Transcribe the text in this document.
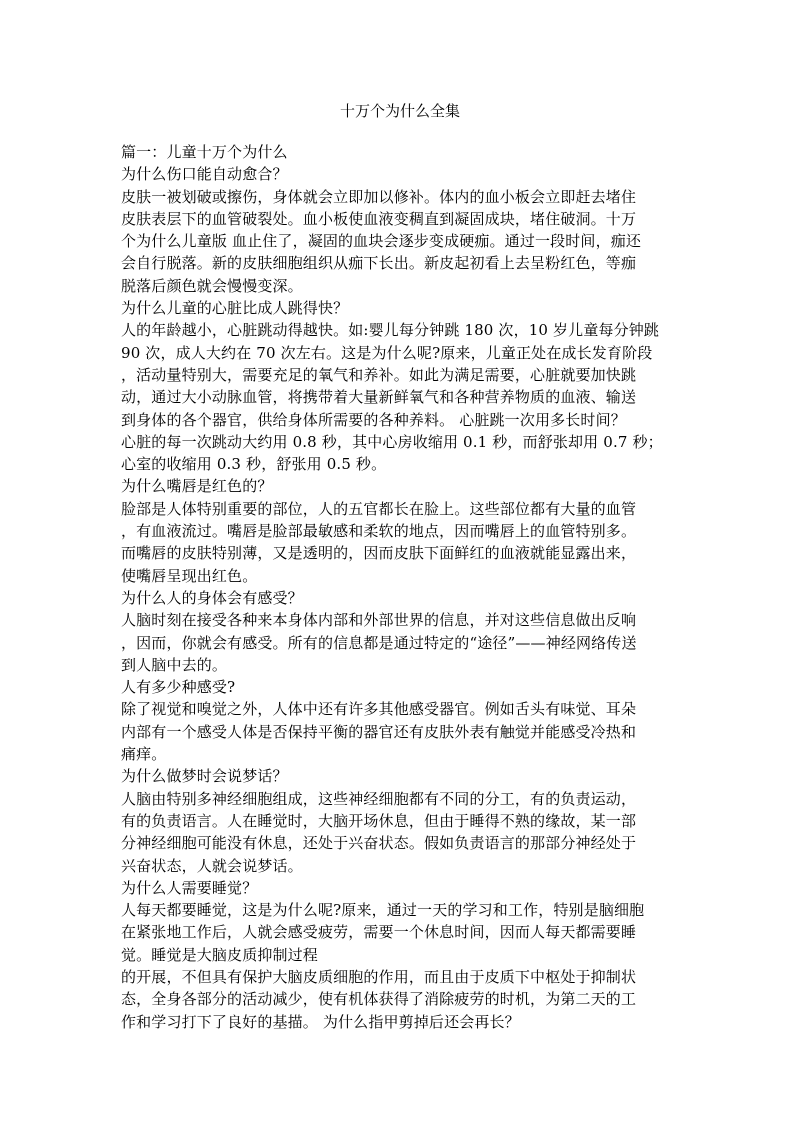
十万个为什么全集

篇一：儿童十万个为什么

为什么伤口能自动愈合？

皮肤一被划破或擦伤，身体就会立即加以修补。体内的血小板会立即赶去堵住

皮肤表层下的血管破裂处。血小板使血液变稠直到凝固成块，堵住破洞。十万

个为什么儿童版 血止住了，凝固的血块会逐步变成硬痂。通过一段时间，痂还

会自行脱落。新的皮肤细胞组织从痂下长出。新皮起初看上去呈粉红色，等痂

脱落后颜色就会慢慢变深。

为什么儿童的心脏比成人跳得快？

人的年龄越小，心脏跳动得越快。如:婴儿每分钟跳 180 次，10 岁儿童每分钟跳

90 次，成人大约在 70 次左右。这是为什么呢?原来，儿童正处在成长发育阶段

，活动量特别大，需要充足的氧气和养补。如此为满足需要，心脏就要加快跳

动，通过大小动脉血管，将携带着大量新鲜氧气和各种营养物质的血液、输送

到身体的各个器官，供给身体所需要的各种养料。 心脏跳一次用多长时间？

心脏的每一次跳动大约用 0.8 秒，其中心房收缩用 0.1 秒，而舒张却用 0.7 秒；

心室的收缩用 0.3 秒，舒张用 0.5 秒。

为什么嘴唇是红色的？

脸部是人体特别重要的部位，人的五官都长在脸上。这些部位都有大量的血管

，有血液流过。嘴唇是脸部最敏感和柔软的地点，因而嘴唇上的血管特别多。

而嘴唇的皮肤特别薄，又是透明的，因而皮肤下面鲜红的血液就能显露出来，

使嘴唇呈现出红色。

为什么人的身体会有感受？

人脑时刻在接受各种来本身体内部和外部世界的信息，并对这些信息做出反响

，因而，你就会有感受。所有的信息都是通过特定的“途径”——神经网络传送

到人脑中去的。

人有多少种感受?

除了视觉和嗅觉之外，人体中还有许多其他感受器官。例如舌头有味觉、耳朵

内部有一个感受人体是否保持平衡的器官还有皮肤外表有触觉并能感受冷热和

痛痒。

为什么做梦时会说梦话？

人脑由特别多神经细胞组成，这些神经细胞都有不同的分工，有的负责运动，

有的负责语言。人在睡觉时，大脑开场休息，但由于睡得不熟的缘故，某一部

分神经细胞可能没有休息，还处于兴奋状态。假如负责语言的那部分神经处于

兴奋状态，人就会说梦话。

为什么人需要睡觉？

人每天都要睡觉，这是为什么呢?原来，通过一天的学习和工作，特别是脑细胞

在紧张地工作后，人就会感受疲劳，需要一个休息时间，因而人每天都需要睡

觉。睡觉是大脑皮质抑制过程

的开展，不但具有保护大脑皮质细胞的作用，而且由于皮质下中枢处于抑制状

态，全身各部分的活动减少，使有机体获得了消除疲劳的时机，为第二天的工

作和学习打下了良好的基描。 为什么指甲剪掉后还会再长？
